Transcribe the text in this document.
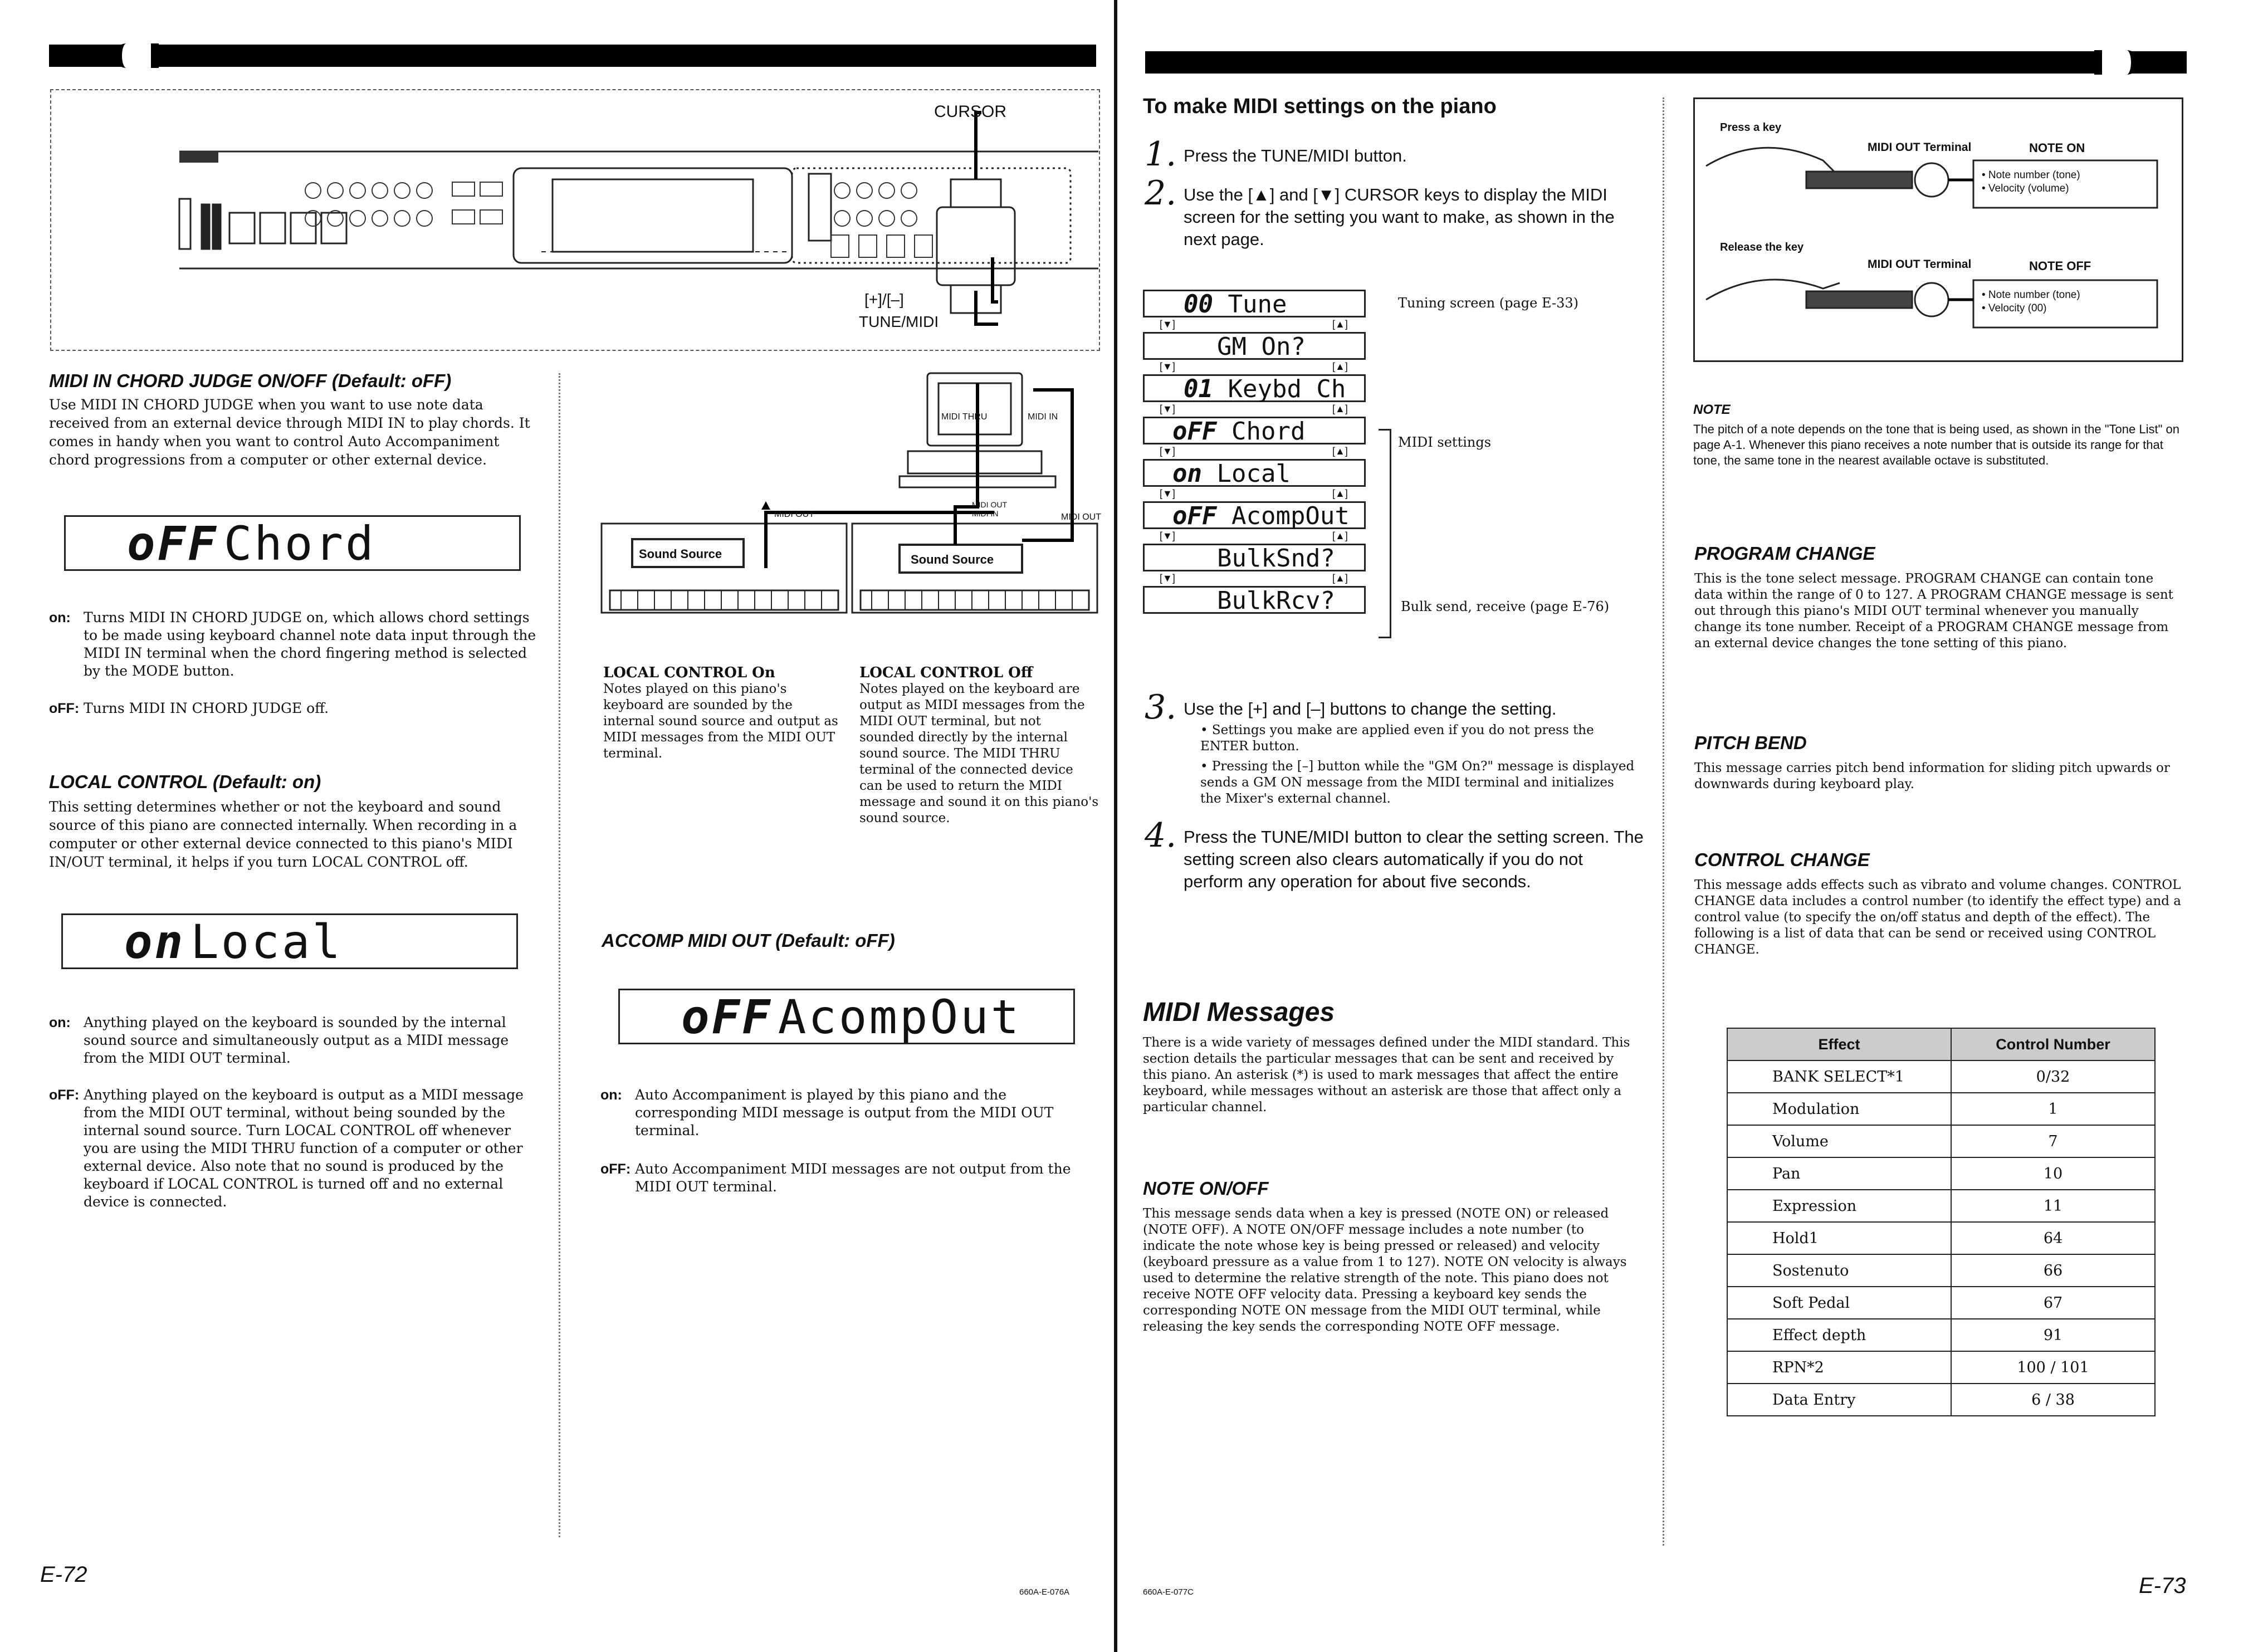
CURSOR
[+]/[–]
TUNE/MIDI
MIDI IN CHORD JUDGE ON/OFF (Default: oFF)
Use MIDI IN CHORD JUDGE when you want to use note data received from an external device through MIDI IN to play chords. It comes in handy when you want to control Auto Accompaniment chord progressions from a computer or other external device.
oFF Chord
on: Turns MIDI IN CHORD JUDGE on, which allows chord settings to be made using keyboard channel note data input through the MIDI IN terminal when the chord fingering method is selected by the MODE button.
oFF: Turns MIDI IN CHORD JUDGE off.
LOCAL CONTROL (Default: on)
This setting determines whether or not the keyboard and sound source of this piano are connected internally. When recording in a computer or other external device connected to this piano's MIDI IN/OUT terminal, it helps if you turn LOCAL CONTROL off.
on Local
on: Anything played on the keyboard is sounded by the internal sound source and simultaneously output as a MIDI message from the MIDI OUT terminal.
oFF: Anything played on the keyboard is output as a MIDI message from the MIDI OUT terminal, without being sounded by the internal sound source. Turn LOCAL CONTROL off whenever you are using the MIDI THRU function of a computer or other external device. Also note that no sound is produced by the keyboard if LOCAL CONTROL is turned off and no external device is connected.
MIDI THRU	MIDI IN
MIDI OUT	MIDI OUT
MIDI OUT MIDI IN
Sound Source	Sound Source
LOCAL CONTROL On
Notes played on this piano's keyboard are sounded by the internal sound source and output as MIDI messages from the MIDI OUT terminal.
LOCAL CONTROL Off
Notes played on the keyboard are output as MIDI messages from the MIDI OUT terminal, but not sounded directly by the internal sound source. The MIDI THRU terminal of the connected device can be used to return the MIDI message and sound it on this piano's sound source.
ACCOMP MIDI OUT (Default: oFF)
oFF AcompOut
on: Auto Accompaniment is played by this piano and the corresponding MIDI message is output from the MIDI OUT terminal.
oFF: Auto Accompaniment MIDI messages are not output from the MIDI OUT terminal.
E-72
660A-E-076A
To make MIDI settings on the piano
1. Press the TUNE/MIDI button.
2. Use the [▲] and [▼] CURSOR keys to display the MIDI screen for the setting you want to make, as shown in the next page.
00 Tune
[▼]	[▲]
GM On?
[▼]	[▲]
01 Keybd Ch
[▼]	[▲]
oFF Chord
[▼]	[▲]
on Local
[▼]	[▲]
oFF AcompOut
[▼]	[▲]
BulkSnd?
[▼]	[▲]
BulkRcv?
Tuning screen (page E-33)
MIDI settings
Bulk send, receive (page E-76)
3. Use the [+] and [–] buttons to change the setting.
• Settings you make are applied even if you do not press the ENTER button.
• Pressing the [–] button while the "GM On?" message is displayed sends a GM ON message from the MIDI terminal and initializes the Mixer's external channel.
4. Press the TUNE/MIDI button to clear the setting screen. The setting screen also clears automatically if you do not perform any operation for about five seconds.
MIDI Messages
There is a wide variety of messages defined under the MIDI standard. This section details the particular messages that can be sent and received by this piano. An asterisk (*) is used to mark messages that affect the entire keyboard, while messages without an asterisk are those that affect only a particular channel.
NOTE ON/OFF
This message sends data when a key is pressed (NOTE ON) or released (NOTE OFF). A NOTE ON/OFF message includes a note number (to indicate the note whose key is being pressed or released) and velocity (keyboard pressure as a value from 1 to 127). NOTE ON velocity is always used to determine the relative strength of the note. This piano does not receive NOTE OFF velocity data. Pressing a keyboard key sends the corresponding NOTE ON message from the MIDI OUT terminal, while releasing the key sends the corresponding NOTE OFF message.
Press a key
Release the key
MIDI OUT Terminal
MIDI OUT Terminal
NOTE ON
NOTE OFF
• Note number (tone)
• Velocity (volume)
• Note number (tone)
• Velocity (00)
NOTE
The pitch of a note depends on the tone that is being used, as shown in the "Tone List" on page A-1. Whenever this piano receives a note number that is outside its range for that tone, the same tone in the nearest available octave is substituted.
PROGRAM CHANGE
This is the tone select message. PROGRAM CHANGE can contain tone data within the range of 0 to 127. A PROGRAM CHANGE message is sent out through this piano's MIDI OUT terminal whenever you manually change its tone number. Receipt of a PROGRAM CHANGE message from an external device changes the tone setting of this piano.
PITCH BEND
This message carries pitch bend information for sliding pitch upwards or downwards during keyboard play.
CONTROL CHANGE
This message adds effects such as vibrato and volume changes. CONTROL CHANGE data includes a control number (to identify the effect type) and a control value (to specify the on/off status and depth of the effect). The following is a list of data that can be send or received using CONTROL CHANGE.
Effect	Control Number
BANK SELECT*1	0/32
Modulation	1
Volume	7
Pan	10
Expression	11
Hold1	64
Sostenuto	66
Soft Pedal	67
Effect depth	91
RPN*2	100 / 101
Data Entry	6 / 38
660A-E-077C	E-73
